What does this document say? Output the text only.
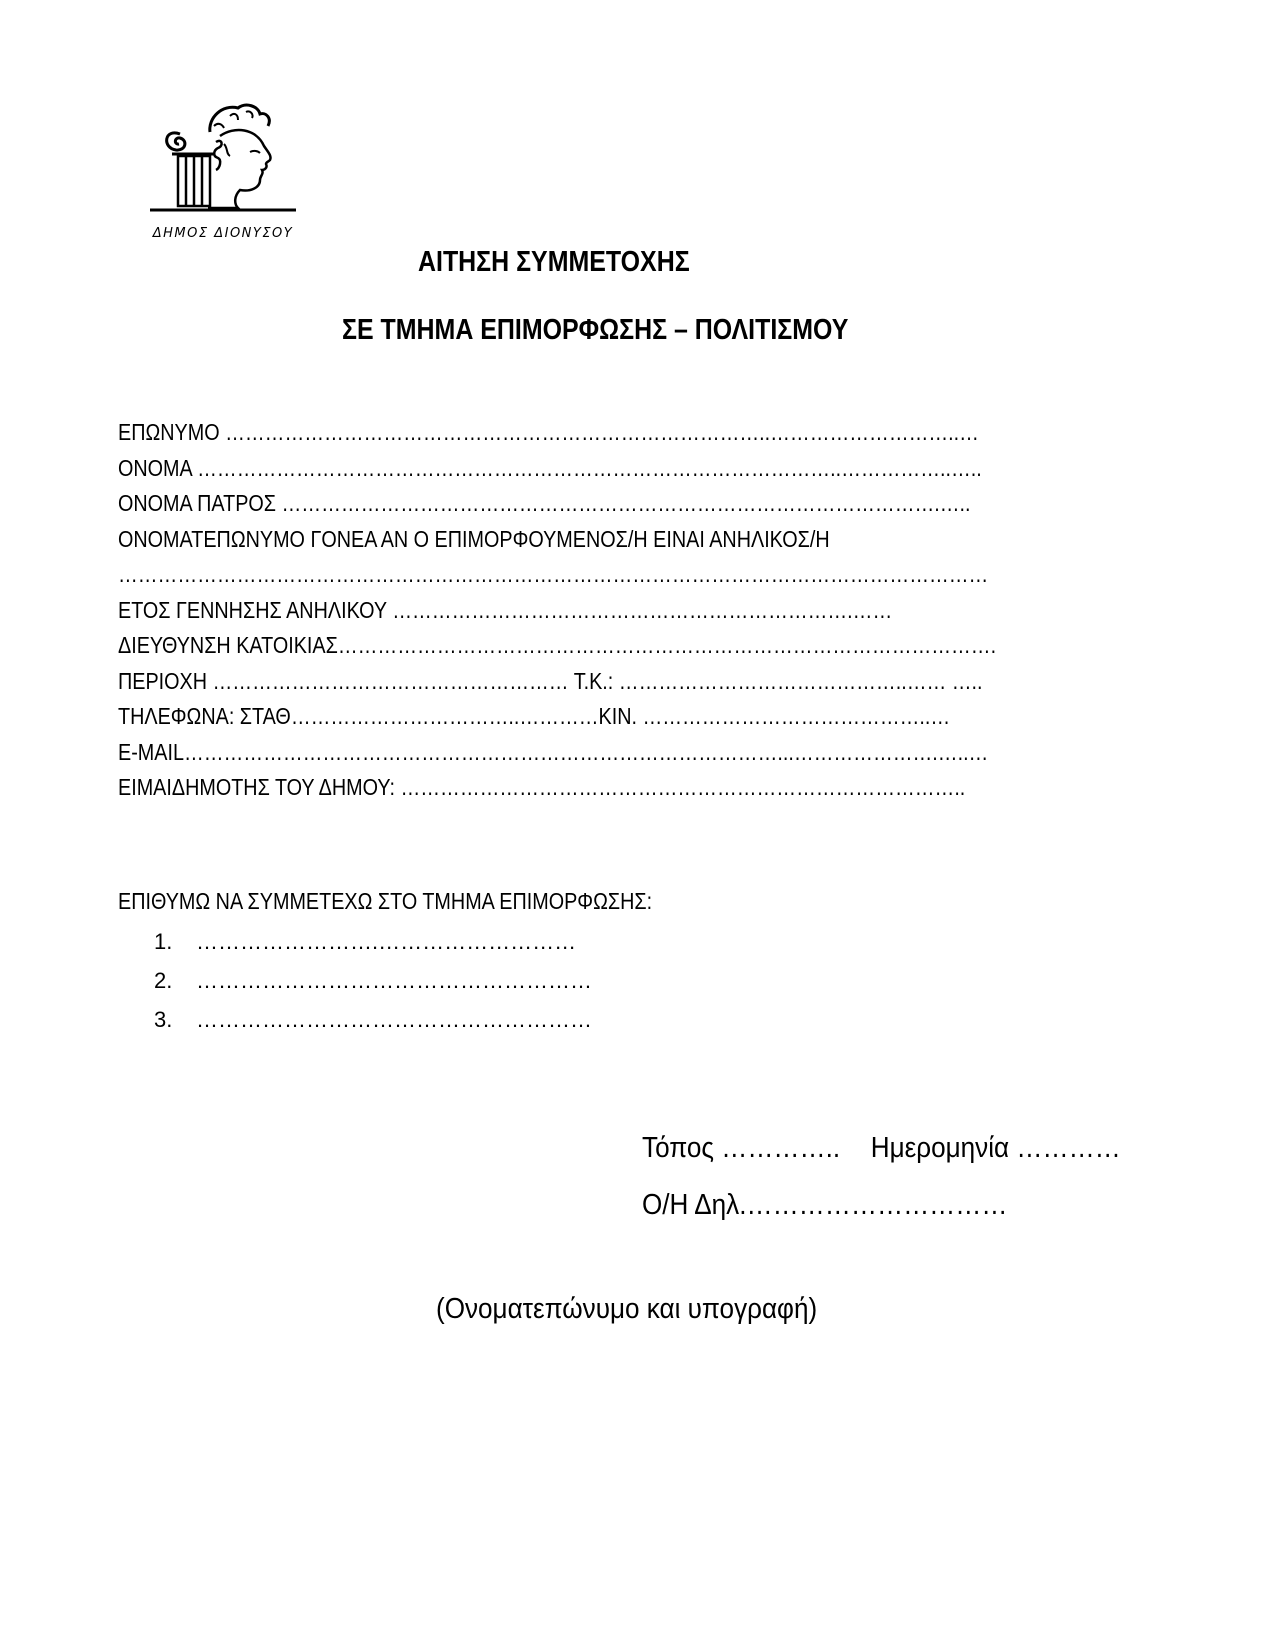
ΔΗΜΟΣ ΔΙΟΝΥΣΟΥ
ΑΙΤΗΣΗ ΣΥΜΜΕΤΟΧΗΣ
ΣΕ ΤΜΗΜΑ ΕΠΙΜΟΡΦΩΣΗΣ – ΠΟΛΙΤΙΣΜΟΥ
ΕΠΩΝΥΜΟ ………………………………………………………………………..………………………..…
ΟΝΟΜΑ ……………………………………………………………………………………..……………..…..
ΟΝΟΜΑ ΠΑΤΡΟΣ ……………………………………………………………………………………….…..
ΟΝΟΜΑΤΕΠΩΝΥΜΟ ΓΟΝΕΑ ΑΝ Ο ΕΠΙΜΟΡΦΟΥΜΕΝΟΣ/Η ΕΙΝΑΙ ΑΝΗΛΙΚΟΣ/Η
……………………………………………………………………………………………………………………
ΕΤΟΣ ΓΕΝΝΗΣΗΣ ΑΝΗΛΙΚΟΥ …………………………………………………………….……
ΔΙΕΥΘΥΝΣΗ ΚΑΤΟΙΚΙΑΣ……………………………………………………………………………………….
ΠΕΡΙΟΧΗ ……………………………………………… Τ.Κ.: ……………………………………..…… …..
ΤΗΛΕΦΩΝΑ: ΣΤΑΘ……………………………..…………ΚΙΝ. ……………………………………..…
E-MAIL………………………………………………………………………………...………………….…..…
ΕΙΜΑΙΔΗΜΟΤΗΣ ΤΟΥ ΔΗΜΟΥ: …………………………………………………………………………..
ΕΠΙΘΥΜΩ ΝΑ ΣΥΜΜΕΤΕΧΩ ΣΤΟ ΤΜΗΜΑ ΕΠΙΜΟΡΦΩΣΗΣ:
1. …………………….………………………
2. ………………………………………………
3. ………………………………………………
Τόπος ………….. Ημερομηνία …………
Ο/Η Δηλ.…………………………
(Ονοματεπώνυμο και υπογραφή)
